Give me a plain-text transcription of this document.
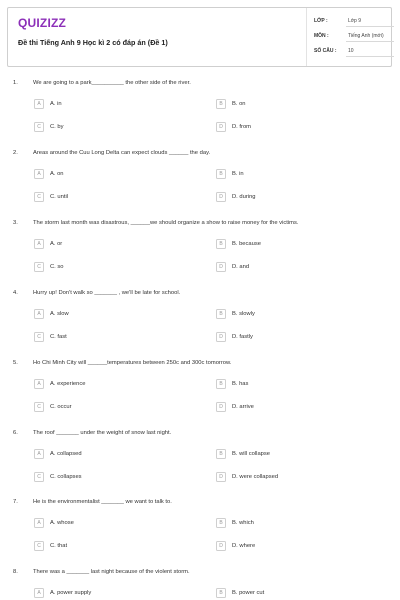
QUIZIZZ
Đề thi Tiếng Anh 9 Học kì 2 có đáp án (Đề 1)
LỚP :	Lớp 9
MÔN :	Tiếng Anh (mới)
SỐ CÂU : 10
1.	We are going to a park__________ the other side of the river.
A	A. in	B	B. on
C	C. by	D	D. from
2.	Areas around the Cuu Long Delta can expect clouds ______ the day.
A	A. on	B	B. in
C	C. until	D	D. during
3.	The storm last month was disastrous, ______we should organize a show to raise money for the victims.
A	A. or	B	B. because
C	C. so	D	D. and
4.	Hurry up! Don't walk so _______ , we'll be late for school.
A	A. slow	B	B. slowly
C	C. fast	D	D. fastly
5.	Ho Chi Minh City will ______temperatures between 250c and 300c tomorrow.
A	A. experience	B	B. has
C	C. occur	D	D. arrive
6.	The roof _______ under the weight of snow last night.
A	A. collapsed	B	B. will collapse
C	C. collapses	D	D. were collapsed
7.	He is the environmentalist _______ we want to talk to.
A	A. whose	B	B. which
C	C. that	D	D. where
8.	There was a _______ last night because of the violent storm.
A	A. power supply	B	B. power cut
